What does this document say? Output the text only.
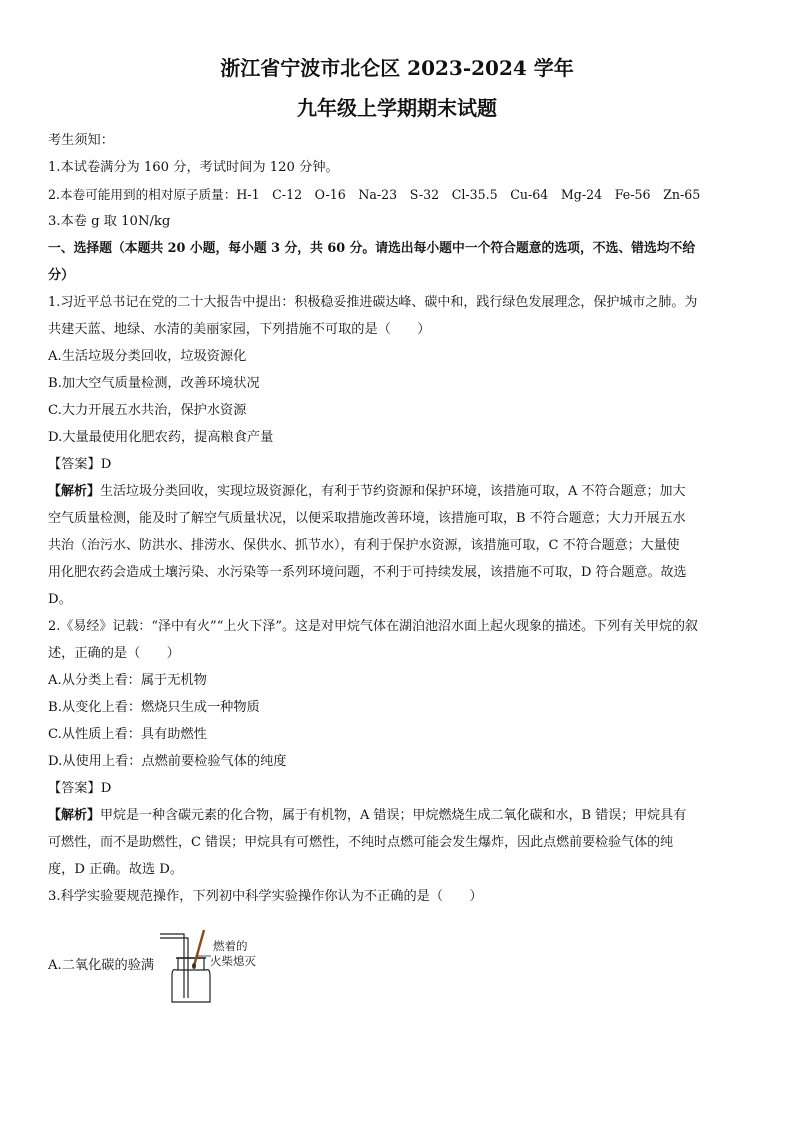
浙江省宁波市北仑区 2023-2024 学年
九年级上学期期末试题
考生须知：
1.本试卷满分为 160 分，考试时间为 120 分钟。
2.本卷可能用到的相对原子质量：H-1　C-12　O-16　Na-23　S-32　Cl-35.5　Cu-64　Mg-24　Fe-56　Zn-65
3.本卷 g 取 10N/kg
一、选择题（本题共 20 小题，每小题 3 分，共 60 分。请选出每小题中一个符合题意的选项，不选、错选均不给
分）
1.习近平总书记在党的二十大报告中提出：积极稳妥推进碳达峰、碳中和，践行绿色发展理念，保护城市之肺。为
共建天蓝、地绿、水清的美丽家园，下列措施不可取的是（　　）
A.生活垃圾分类回收，垃圾资源化
B.加大空气质量检测，改善环境状况
C.大力开展五水共治，保护水资源
D.大量最使用化肥农药，提高粮食产量
【答案】D
【解析】生活垃圾分类回收，实现垃圾资源化，有利于节约资源和保护环境，该措施可取，A 不符合题意；加大
空气质量检测，能及时了解空气质量状况，以便采取措施改善环境，该措施可取，B 不符合题意；大力开展五水
共治（治污水、防洪水、排涝水、保供水、抓节水），有利于保护水资源，该措施可取，C 不符合题意；大量使
用化肥农药会造成土壤污染、水污染等一系列环境问题，不利于可持续发展，该措施不可取，D 符合题意。故选
D。
2.《易经》记载：“泽中有火”“上火下泽”。这是对甲烷气体在湖泊池沼水面上起火现象的描述。下列有关甲烷的叙
述，正确的是（　　）
A.从分类上看：属于无机物
B.从变化上看：燃烧只生成一种物质
C.从性质上看：具有助燃性
D.从使用上看：点燃前要检验气体的纯度
【答案】D
【解析】甲烷是一种含碳元素的化合物，属于有机物，A 错误；甲烷燃烧生成二氧化碳和水，B 错误；甲烷具有
可燃性，而不是助燃性，C 错误；甲烷具有可燃性，不纯时点燃可能会发生爆炸，因此点燃前要检验气体的纯
度，D 正确。故选 D。
3.科学实验要规范操作，下列初中科学实验操作你认为不正确的是（　　）
A.二氧化碳的验满
燃着的
火柴熄灭
